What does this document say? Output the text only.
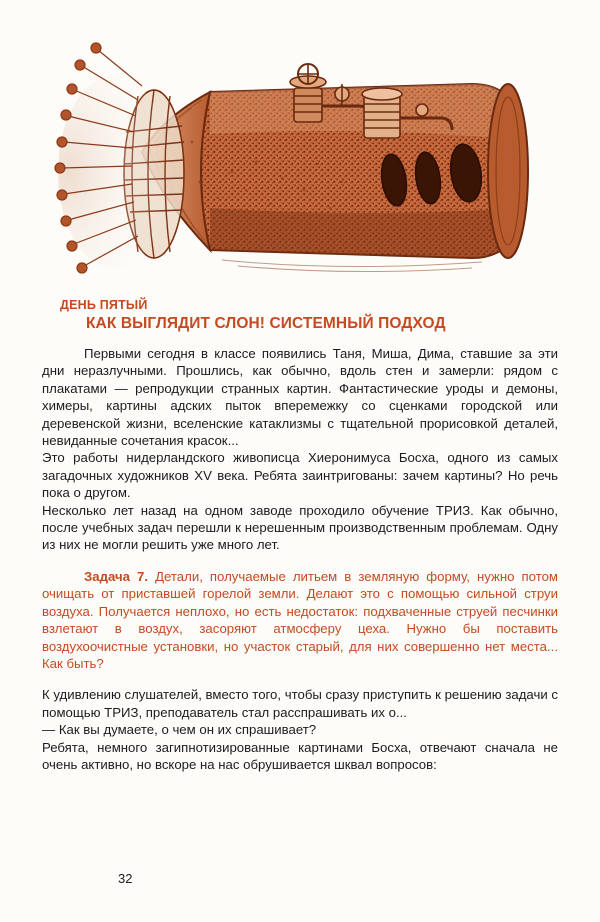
ДЕНЬ ПЯТЫЙ
КАК ВЫГЛЯДИТ СЛОН! СИСТЕМНЫЙ ПОДХОД

Первыми сегодня в классе появились Таня, Миша, Дима, ставшие за эти дни неразлучными. Прошлись, как обычно, вдоль стен и замерли: рядом с плакатами — репродукции странных картин. Фантастические уроды и демоны, химеры, картины адских пыток вперемежку со сценками городской или деревенской жизни, вселенские катаклизмы с тщательной прорисовкой деталей, невиданные сочетания красок...

Это работы нидерландского живописца Хиеронимуса Босха, одного из самых загадочных художников XV века. Ребята заинтригованы: зачем картины? Но речь пока о другом.

Несколько лет назад на одном заводе проходило обучение ТРИЗ. Как обычно, после учебных задач перешли к нерешенным производственным проблемам. Одну из них не могли решить уже много лет.

Задача 7. Детали, получаемые литьем в земляную форму, нужно потом очищать от приставшей горелой земли. Делают это с помощью сильной струи воздуха. Получается неплохо, но есть недостаток: подхваченные струей песчинки взлетают в воздух, засоряют атмосферу цеха. Нужно бы поставить воздухоочистные установки, но участок старый, для них совершенно нет места... Как быть?

К удивлению слушателей, вместо того, чтобы сразу приступить к решению задачи с помощью ТРИЗ, преподаватель стал расспрашивать их о...

— Как вы думаете, о чем он их спрашивает?

Ребята, немного загипнотизированные картинами Босха, отвечают сначала не очень активно, но вскоре на нас обрушивается шквал вопросов:

32
